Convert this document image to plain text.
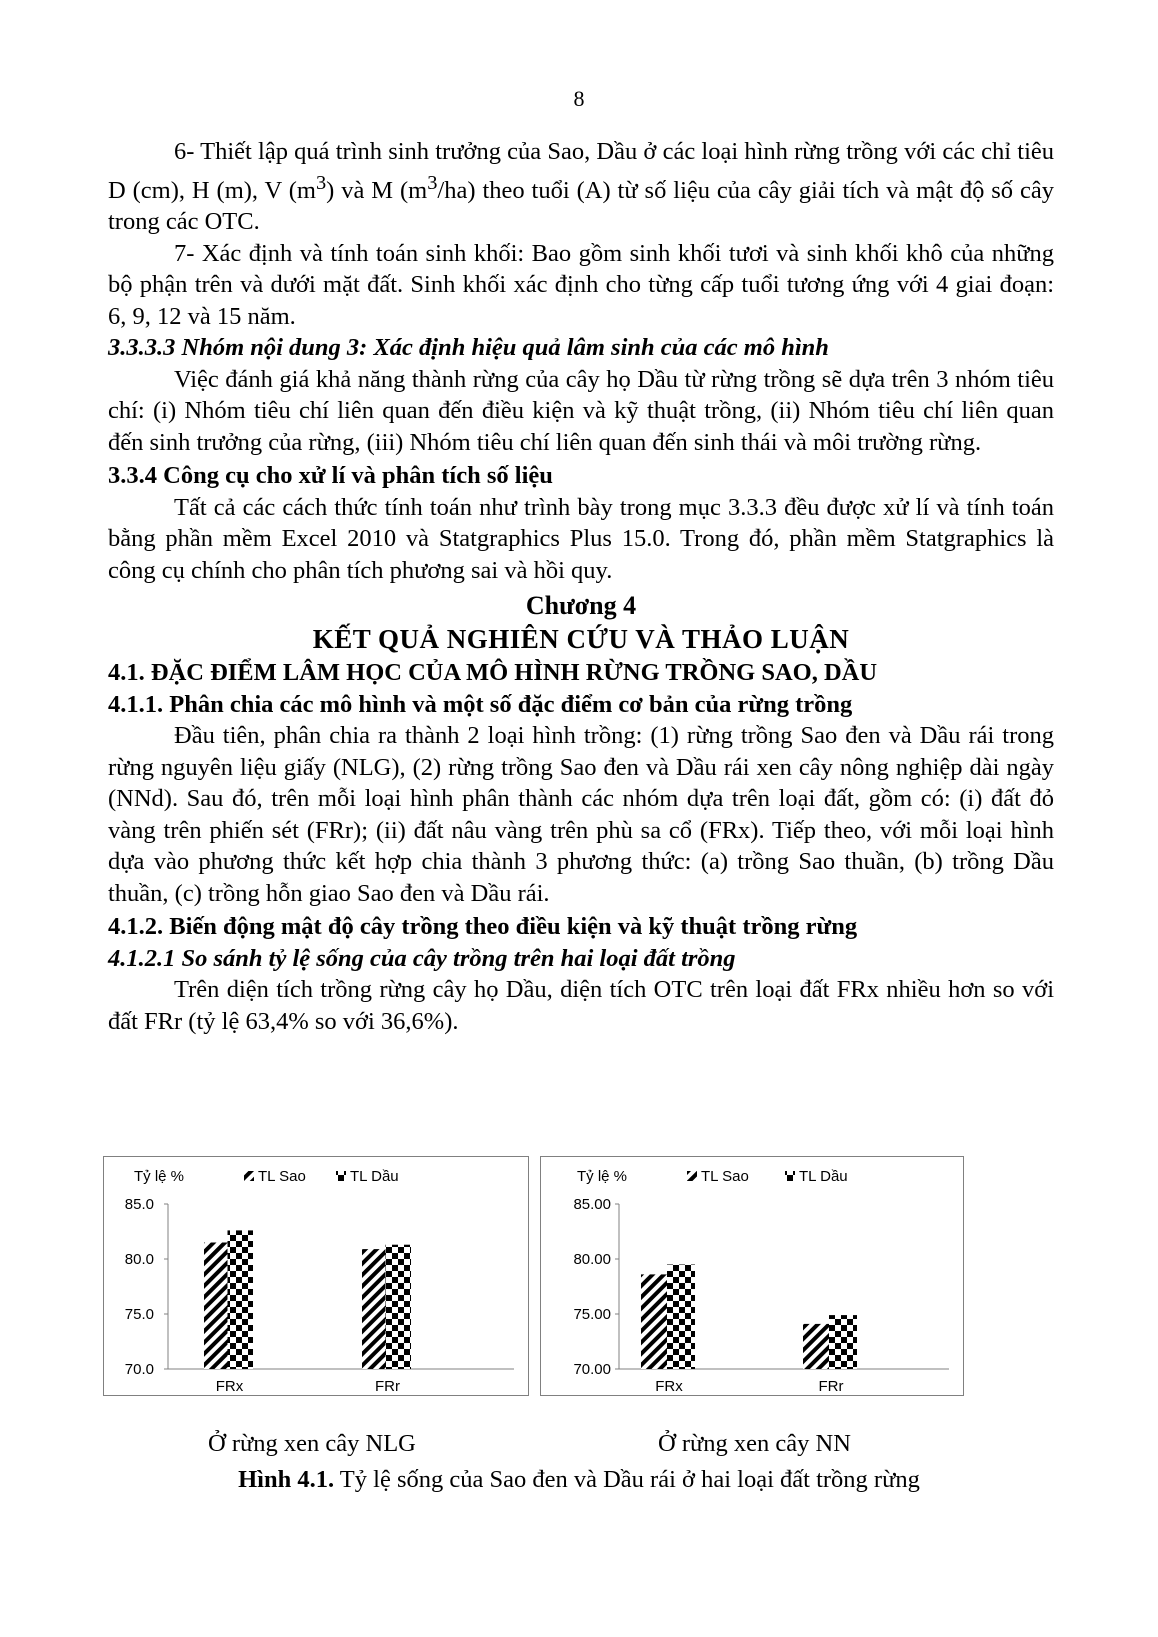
8

6- Thiết lập quá trình sinh trưởng của Sao, Dầu ở các loại hình rừng trồng với các chỉ tiêu D (cm), H (m), V $(m^3)$ và M $(m^3/ha)$ theo tuổi (A) từ số liệu của cây giải tích và mật độ số cây trong các OTC.

7- Xác định và tính toán sinh khối: Bao gồm sinh khối tươi và sinh khối khô của những bộ phận trên và dưới mặt đất. Sinh khối xác định cho từng cấp tuổi tương ứng với 4 giai đoạn: 6, 9, 12 và 15 năm.

3.3.3.3 Nhóm nội dung 3: Xác định hiệu quả lâm sinh của các mô hình

Việc đánh giá khả năng thành rừng của cây họ Dầu từ rừng trồng sẽ dựa trên 3 nhóm tiêu chí: (i) Nhóm tiêu chí liên quan đến điều kiện và kỹ thuật trồng, (ii) Nhóm tiêu chí liên quan đến sinh trưởng của rừng, (iii) Nhóm tiêu chí liên quan đến sinh thái và môi trường rừng.

3.3.4 Công cụ cho xử lí và phân tích số liệu

Tất cả các cách thức tính toán như trình bày trong mục 3.3.3 đều được xử lí và tính toán bằng phần mềm Excel 2010 và Statgraphics Plus 15.0. Trong đó, phần mềm Statgraphics là công cụ chính cho phân tích phương sai và hồi quy.

Chương 4

KẾT QUẢ NGHIÊN CỨU VÀ THẢO LUẬN

4.1. ĐẶC ĐIỂM LÂM HỌC CỦA MÔ HÌNH RỪNG TRỒNG SAO, DẦU

4.1.1. Phân chia các mô hình và một số đặc điểm cơ bản của rừng trồng

Đầu tiên, phân chia ra thành 2 loại hình trồng: (1) rừng trồng Sao đen và Dầu rái trong rừng nguyên liệu giấy (NLG), (2) rừng trồng Sao đen và Dầu rái xen cây nông nghiệp dài ngày (NNd). Sau đó, trên mỗi loại hình phân thành các nhóm dựa trên loại đất, gồm có: (i) đất đỏ vàng trên phiến sét (FRr); (ii) đất nâu vàng trên phù sa cổ (FRx). Tiếp theo, với mỗi loại hình dựa vào phương thức kết hợp chia thành 3 phương thức: (a) trồng Sao thuần, (b) trồng Dầu thuần, (c) trồng hỗn giao Sao đen và Dầu rái.

4.1.2. Biến động mật độ cây trồng theo điều kiện và kỹ thuật trồng rừng

4.1.2.1 So sánh tỷ lệ sống của cây trồng trên hai loại đất trồng

Trên diện tích trồng rừng cây họ Dầu, diện tích OTC trên loại đất FRx nhiều hơn so với đất FRr (tỷ lệ 63,4% so với 36,6%).

Tỷ lệ %	TL Sao	TL Dầu
70.0
75.0
80.0
85.0
FRx	FRr
Tỷ lệ %	TL Sao	TL Dầu
70.00
75.00
80.00
85.00
FRx	FRr
Ở rừng xen cây NLG	Ở rừng xen cây NN
Hình 4.1. Tỷ lệ sống của Sao đen và Dầu rái ở hai loại đất trồng rừng
